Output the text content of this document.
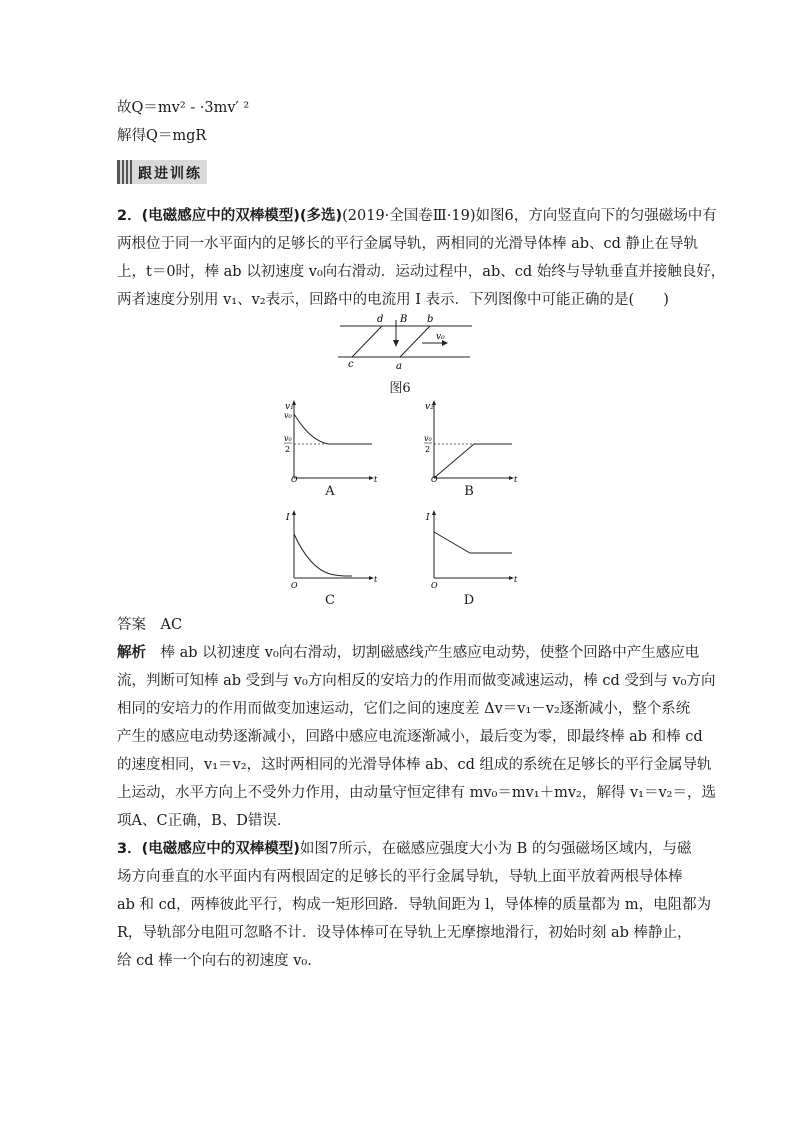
故Q＝mv² - ·3mv′ ²
解得Q＝mgR
跟进训练
2．(电磁感应中的双棒模型)(多选)(2019·全国卷Ⅲ·19)如图6，方向竖直向下的匀强磁场中有
两根位于同一水平面内的足够长的平行金属导轨，两相同的光滑导体棒 ab、cd 静止在导轨
上，t＝0时，棒 ab 以初速度 v₀向右滑动．运动过程中，ab、cd 始终与导轨垂直并接触良好，
两者速度分别用 v₁、v₂表示，回路中的电流用 I 表示．下列图像中可能正确的是(　　)
d B b
v₀
c	a
图6
v₁
v₀
v₀
2
O	t
A
v₂
v₀
2
O	t
B
I
O
t
C
I
O
t
D
答案　AC
解析　棒 ab 以初速度 v₀向右滑动，切割磁感线产生感应电动势，使整个回路中产生感应电
流，判断可知棒 ab 受到与 v₀方向相反的安培力的作用而做变减速运动，棒 cd 受到与 v₀方向
相同的安培力的作用而做变加速运动，它们之间的速度差 Δv＝v₁－v₂逐渐减小，整个系统
产生的感应电动势逐渐减小，回路中感应电流逐渐减小，最后变为零，即最终棒 ab 和棒 cd
的速度相同，v₁＝v₂，这时两相同的光滑导体棒 ab、cd 组成的系统在足够长的平行金属导轨
上运动，水平方向上不受外力作用，由动量守恒定律有 mv₀＝mv₁＋mv₂，解得 v₁＝v₂＝，选
项A、C正确，B、D错误．
3．(电磁感应中的双棒模型)如图7所示，在磁感应强度大小为 B 的匀强磁场区域内，与磁
场方向垂直的水平面内有两根固定的足够长的平行金属导轨，导轨上面平放着两根导体棒
ab 和 cd，两棒彼此平行，构成一矩形回路．导轨间距为 l，导体棒的质量都为 m，电阻都为
R，导轨部分电阻可忽略不计．设导体棒可在导轨上无摩擦地滑行，初始时刻 ab 棒静止，
给 cd 棒一个向右的初速度 v₀.
